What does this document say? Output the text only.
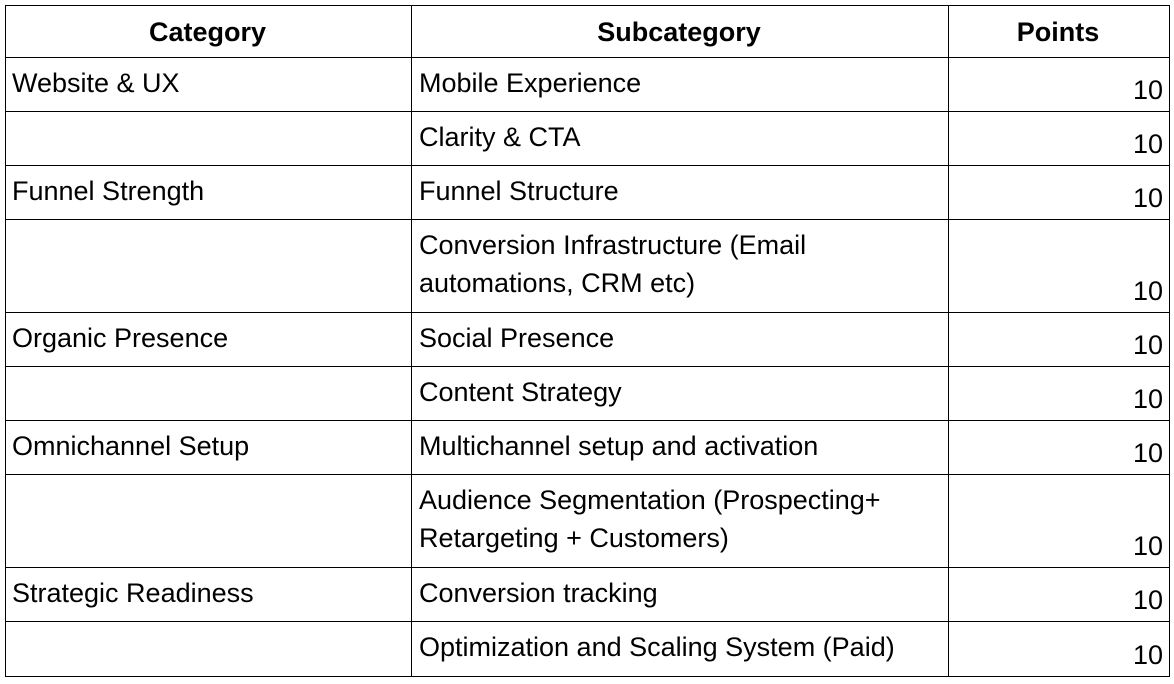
Category	Subcategory	Points
Website & UX	Mobile Experience	10
	Clarity & CTA	10
Funnel Strength	Funnel Structure	10
	Conversion Infrastructure (Email automations, CRM etc)	10
Organic Presence	Social Presence	10
	Content Strategy	10
Omnichannel Setup	Multichannel setup and activation	10
	Audience Segmentation (Prospecting+ Retargeting + Customers)	10
Strategic Readiness	Conversion tracking	10
	Optimization and Scaling System (Paid)	10
